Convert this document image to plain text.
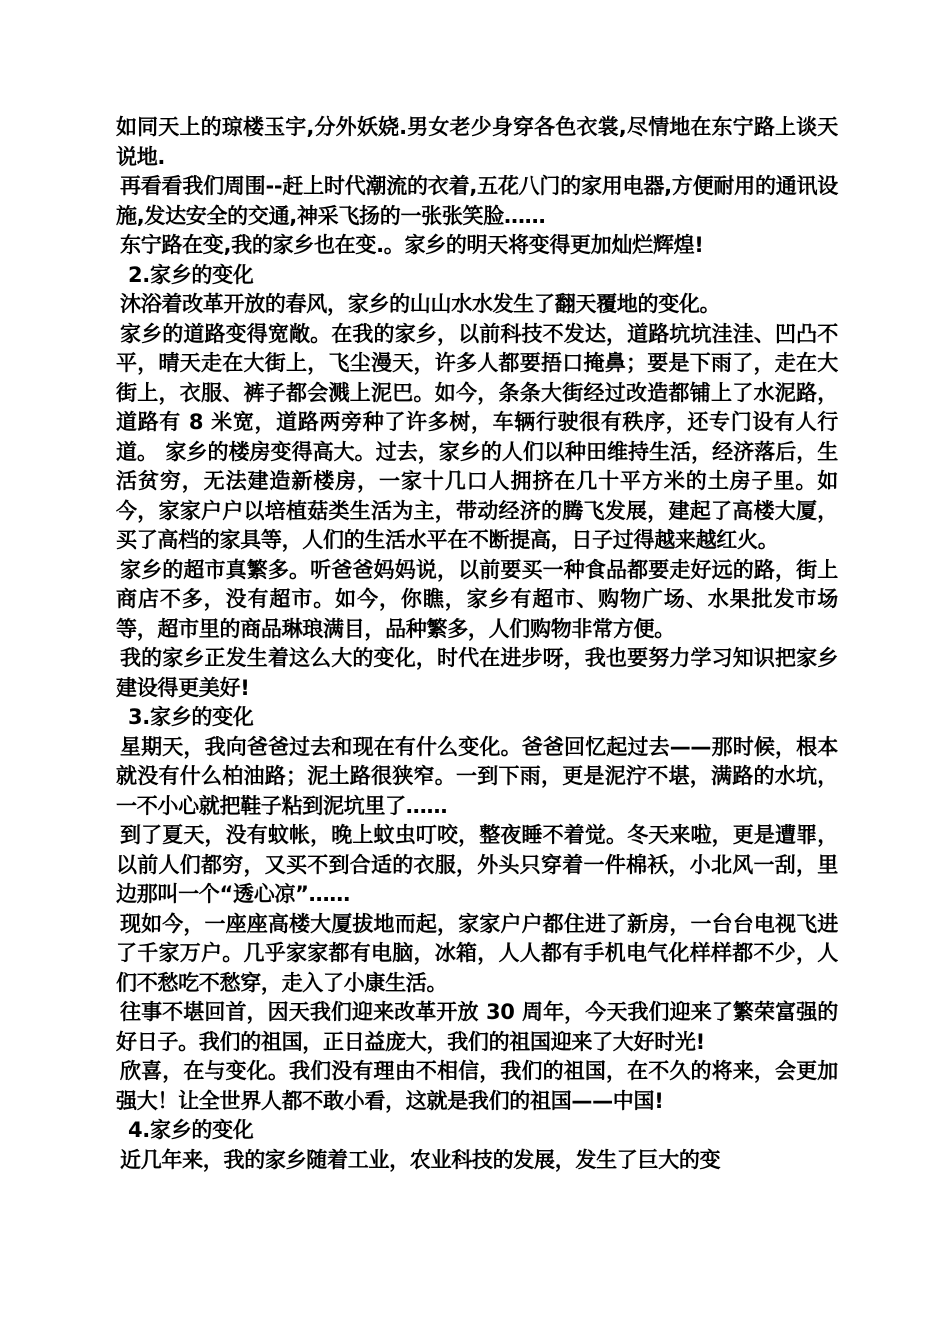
如同天上的琼楼玉宇,分外妖娆.男女老少身穿各色衣裳,尽情地在东宁路上谈天说地.

再看看我们周围--赶上时代潮流的衣着,五花八门的家用电器,方便耐用的通讯设施,发达安全的交通,神采飞扬的一张张笑脸……

东宁路在变,我的家乡也在变.。家乡的明天将变得更加灿烂辉煌!

2.家乡的变化

沐浴着改革开放的春风，家乡的山山水水发生了翻天覆地的变化。

家乡的道路变得宽敞。在我的家乡，以前科技不发达，道路坑坑洼洼、凹凸不平，晴天走在大街上，飞尘漫天，许多人都要捂口掩鼻；要是下雨了，走在大街上，衣服、裤子都会溅上泥巴。如今，条条大街经过改造都铺上了水泥路，道路有 8 米宽，道路两旁种了许多树，车辆行驶很有秩序，还专门设有人行道。 家乡的楼房变得高大。过去，家乡的人们以种田维持生活，经济落后，生活贫穷，无法建造新楼房，一家十几口人拥挤在几十平方米的土房子里。如今，家家户户以培植菇类生活为主，带动经济的腾飞发展，建起了高楼大厦，买了高档的家具等，人们的生活水平在不断提高，日子过得越来越红火。

家乡的超市真繁多。听爸爸妈妈说，以前要买一种食品都要走好远的路，街上商店不多，没有超市。如今，你瞧，家乡有超市、购物广场、水果批发市场等，超市里的商品琳琅满目，品种繁多，人们购物非常方便。

我的家乡正发生着这么大的变化，时代在进步呀，我也要努力学习知识把家乡建设得更美好!

3.家乡的变化

星期天，我向爸爸过去和现在有什么变化。爸爸回忆起过去——那时候，根本就没有什么柏油路；泥土路很狭窄。一到下雨，更是泥泞不堪，满路的水坑，一不小心就把鞋子粘到泥坑里了……

到了夏天，没有蚊帐，晚上蚊虫叮咬，整夜睡不着觉。冬天来啦，更是遭罪，以前人们都穷，又买不到合适的衣服，外头只穿着一件棉袄，小北风一刮，里边那叫一个“透心凉”……

现如今，一座座高楼大厦拔地而起，家家户户都住进了新房，一台台电视飞进了千家万户。几乎家家都有电脑，冰箱，人人都有手机电气化样样都不少，人们不愁吃不愁穿，走入了小康生活。

往事不堪回首，因天我们迎来改革开放 30 周年，今天我们迎来了繁荣富强的好日子。我们的祖国，正日益庞大，我们的祖国迎来了大好时光!

欣喜，在与变化。我们没有理由不相信，我们的祖国，在不久的将来，会更加强大！让全世界人都不敢小看，这就是我们的祖国——中国!

4.家乡的变化

近几年来，我的家乡随着工业，农业科技的发展，发生了巨大的变
